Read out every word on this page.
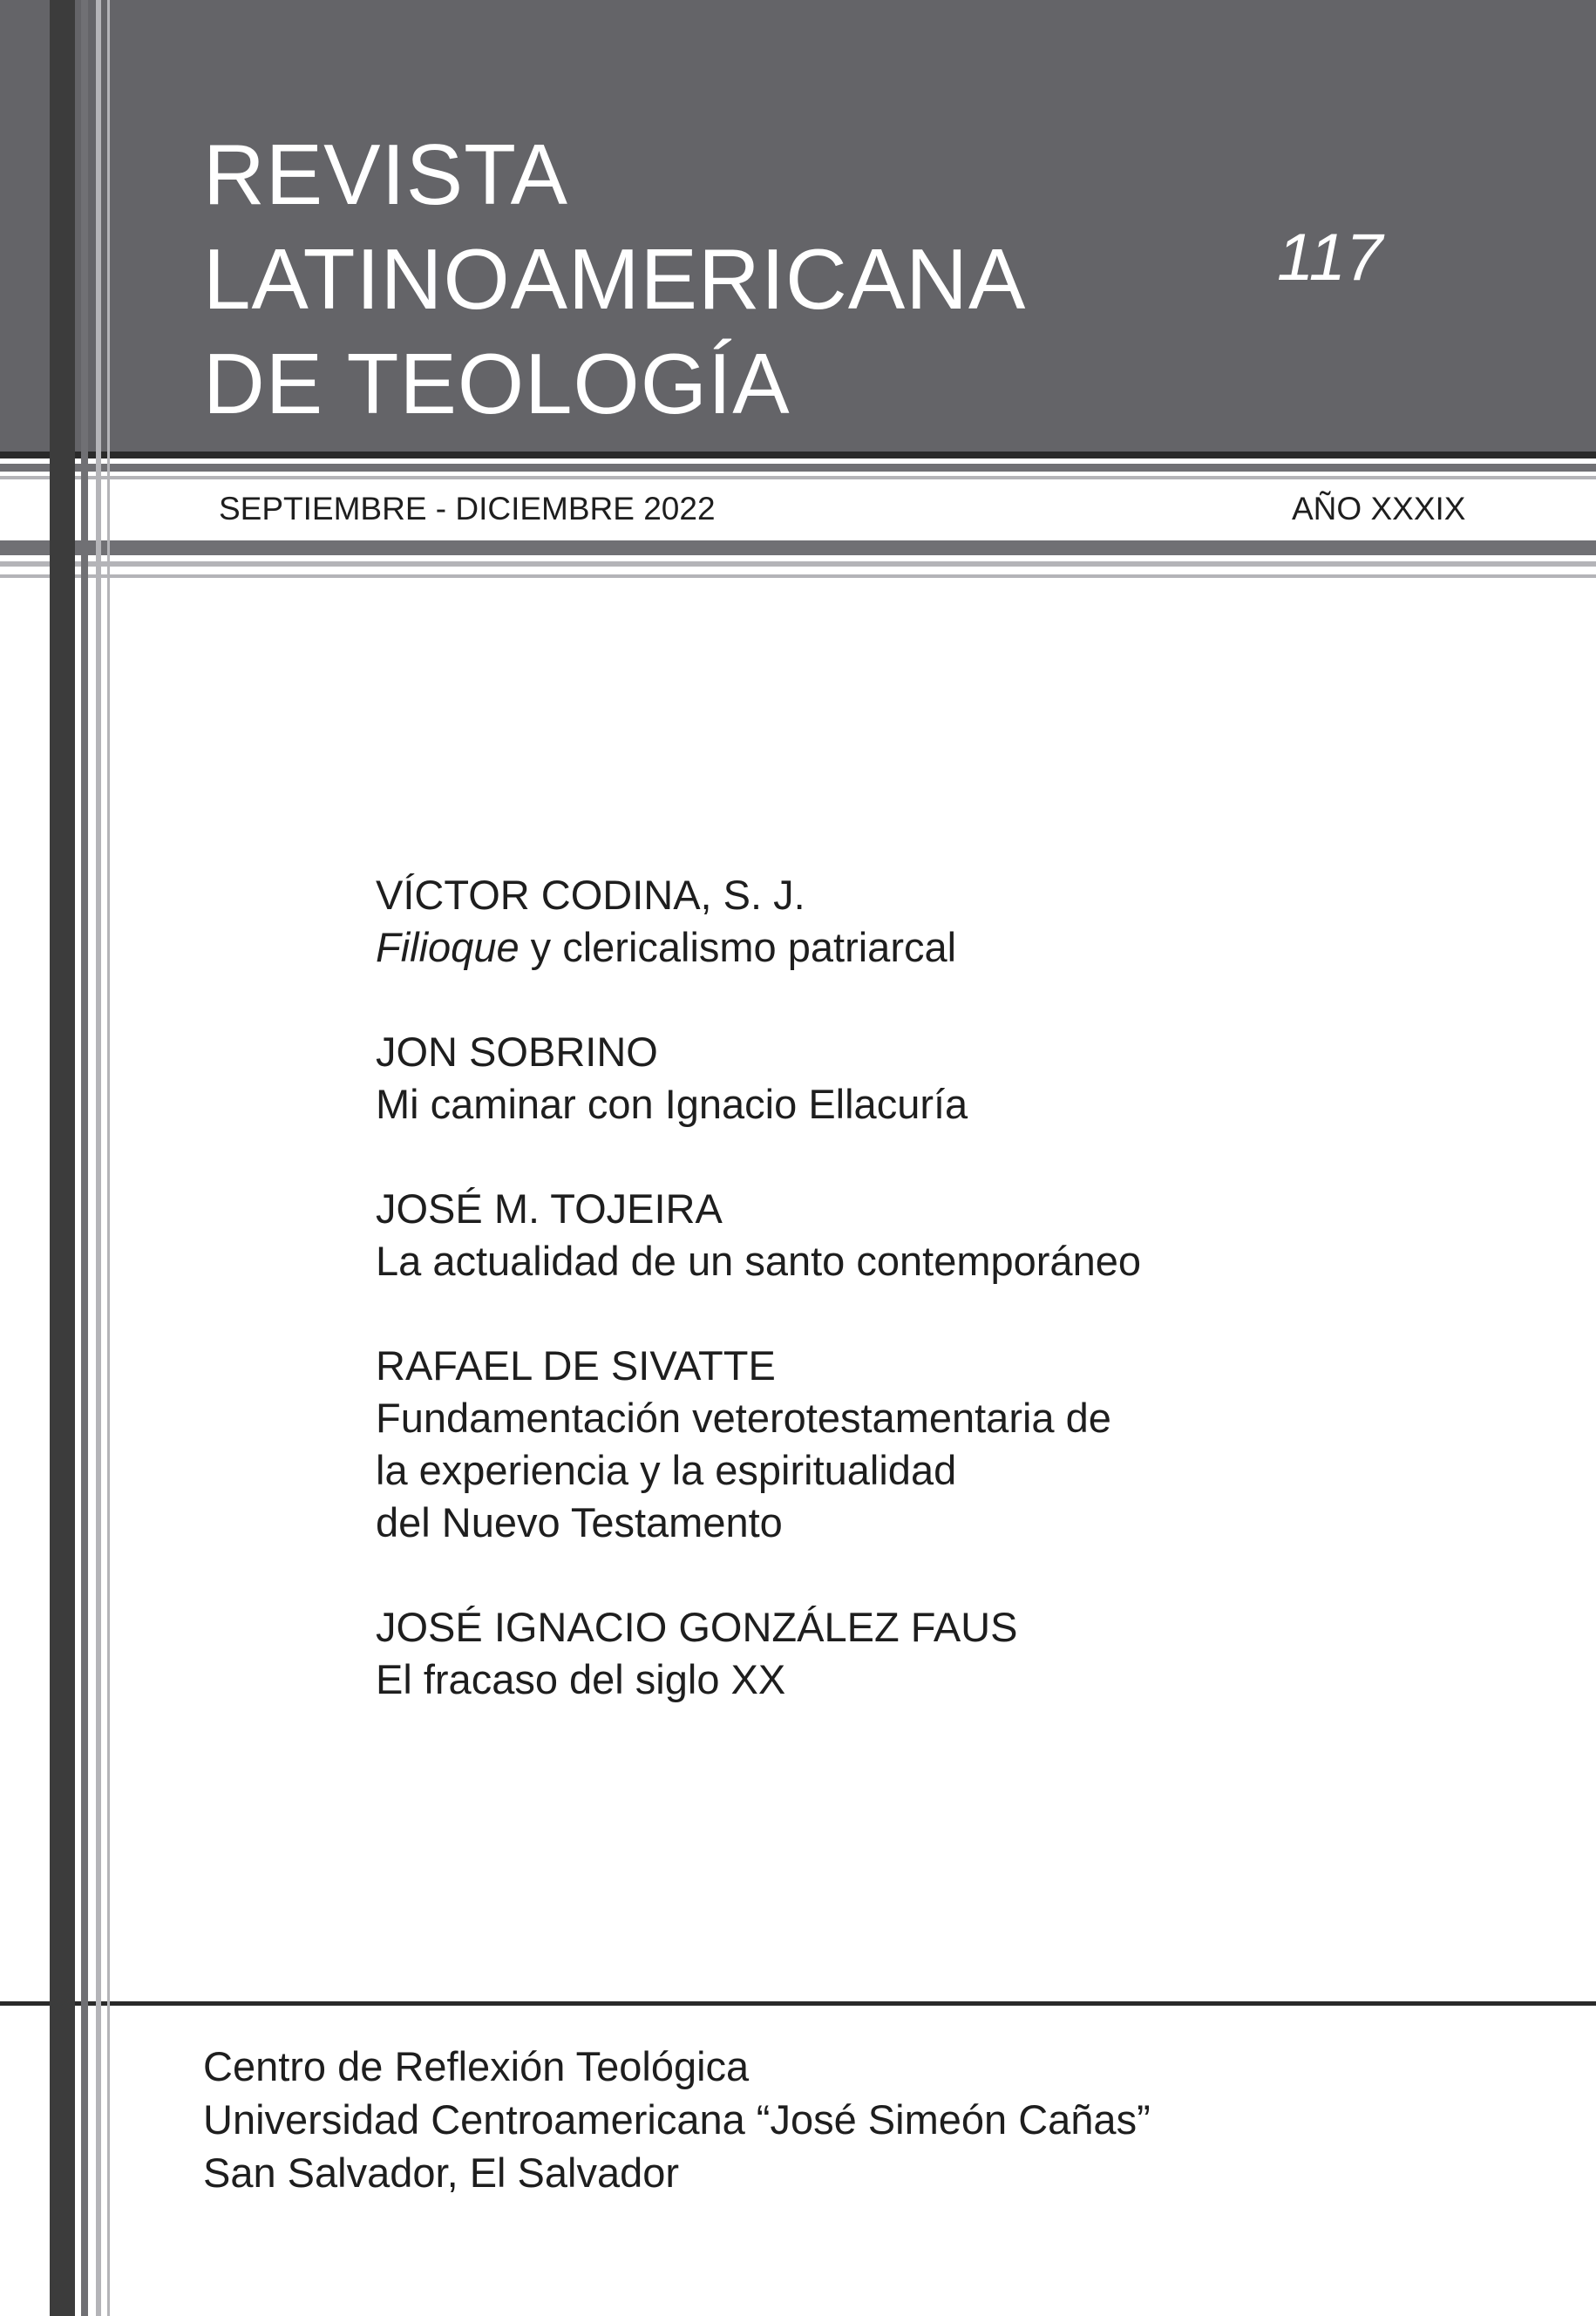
REVISTA
LATINOAMERICANA
DE TEOLOGÍA
117
SEPTIEMBRE - DICIEMBRE 2022	AÑO XXXIX
VÍCTOR CODINA, S. J.
Filioque y clericalismo patriarcal
JON SOBRINO
Mi caminar con Ignacio Ellacuría
JOSÉ M. TOJEIRA
La actualidad de un santo contemporáneo
RAFAEL DE SIVATTE
Fundamentación veterotestamentaria de
la experiencia y la espiritualidad
del Nuevo Testamento
JOSÉ IGNACIO GONZÁLEZ FAUS
El fracaso del siglo XX
Centro de Reflexión Teológica
Universidad Centroamericana “José Simeón Cañas”
San Salvador, El Salvador
